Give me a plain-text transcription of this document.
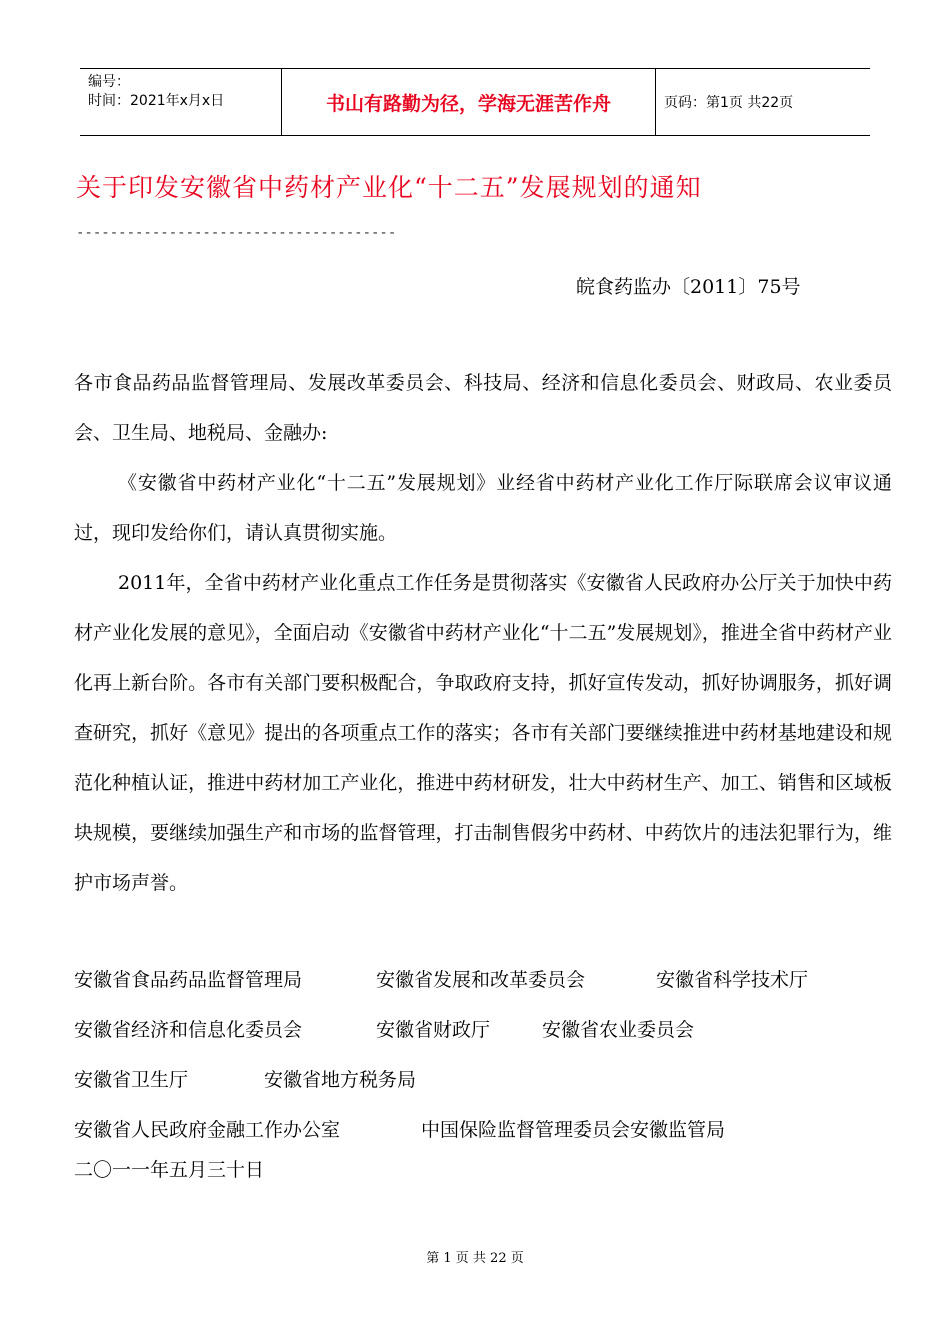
编号：
时间：2021年x月x日	书山有路勤为径，学海无涯苦作舟	页码：第1页 共22页
关于印发安徽省中药材产业化“十二五”发展规划的通知
--------------------------------------
皖食药监办〔2011〕75号
各市食品药品监督管理局、发展改革委员会、科技局、经济和信息化委员会、财政局、农业委员会、卫生局、地税局、金融办:
《安徽省中药材产业化“十二五”发展规划》业经省中药材产业化工作厅际联席会议审议通过，现印发给你们，请认真贯彻实施。
2011年，全省中药材产业化重点工作任务是贯彻落实《安徽省人民政府办公厅关于加快中药材产业化发展的意见》，全面启动《安徽省中药材产业化“十二五”发展规划》，推进全省中药材产业化再上新台阶。各市有关部门要积极配合，争取政府支持，抓好宣传发动，抓好协调服务，抓好调查研究，抓好《意见》提出的各项重点工作的落实；各市有关部门要继续推进中药材基地建设和规范化种植认证，推进中药材加工产业化，推进中药材研发，壮大中药材生产、加工、销售和区域板块规模，要继续加强生产和市场的监督管理，打击制售假劣中药材、中药饮片的违法犯罪行为，维护市场声誉。
安徽省食品药品监督管理局	安徽省发展和改革委员会	安徽省科学技术厅
安徽省经济和信息化委员会	安徽省财政厅	安徽省农业委员会
安徽省卫生厅	安徽省地方税务局
安徽省人民政府金融工作办公室	中国保险监督管理委员会安徽监管局
二〇一一年五月三十日
第 1 页 共 22 页
